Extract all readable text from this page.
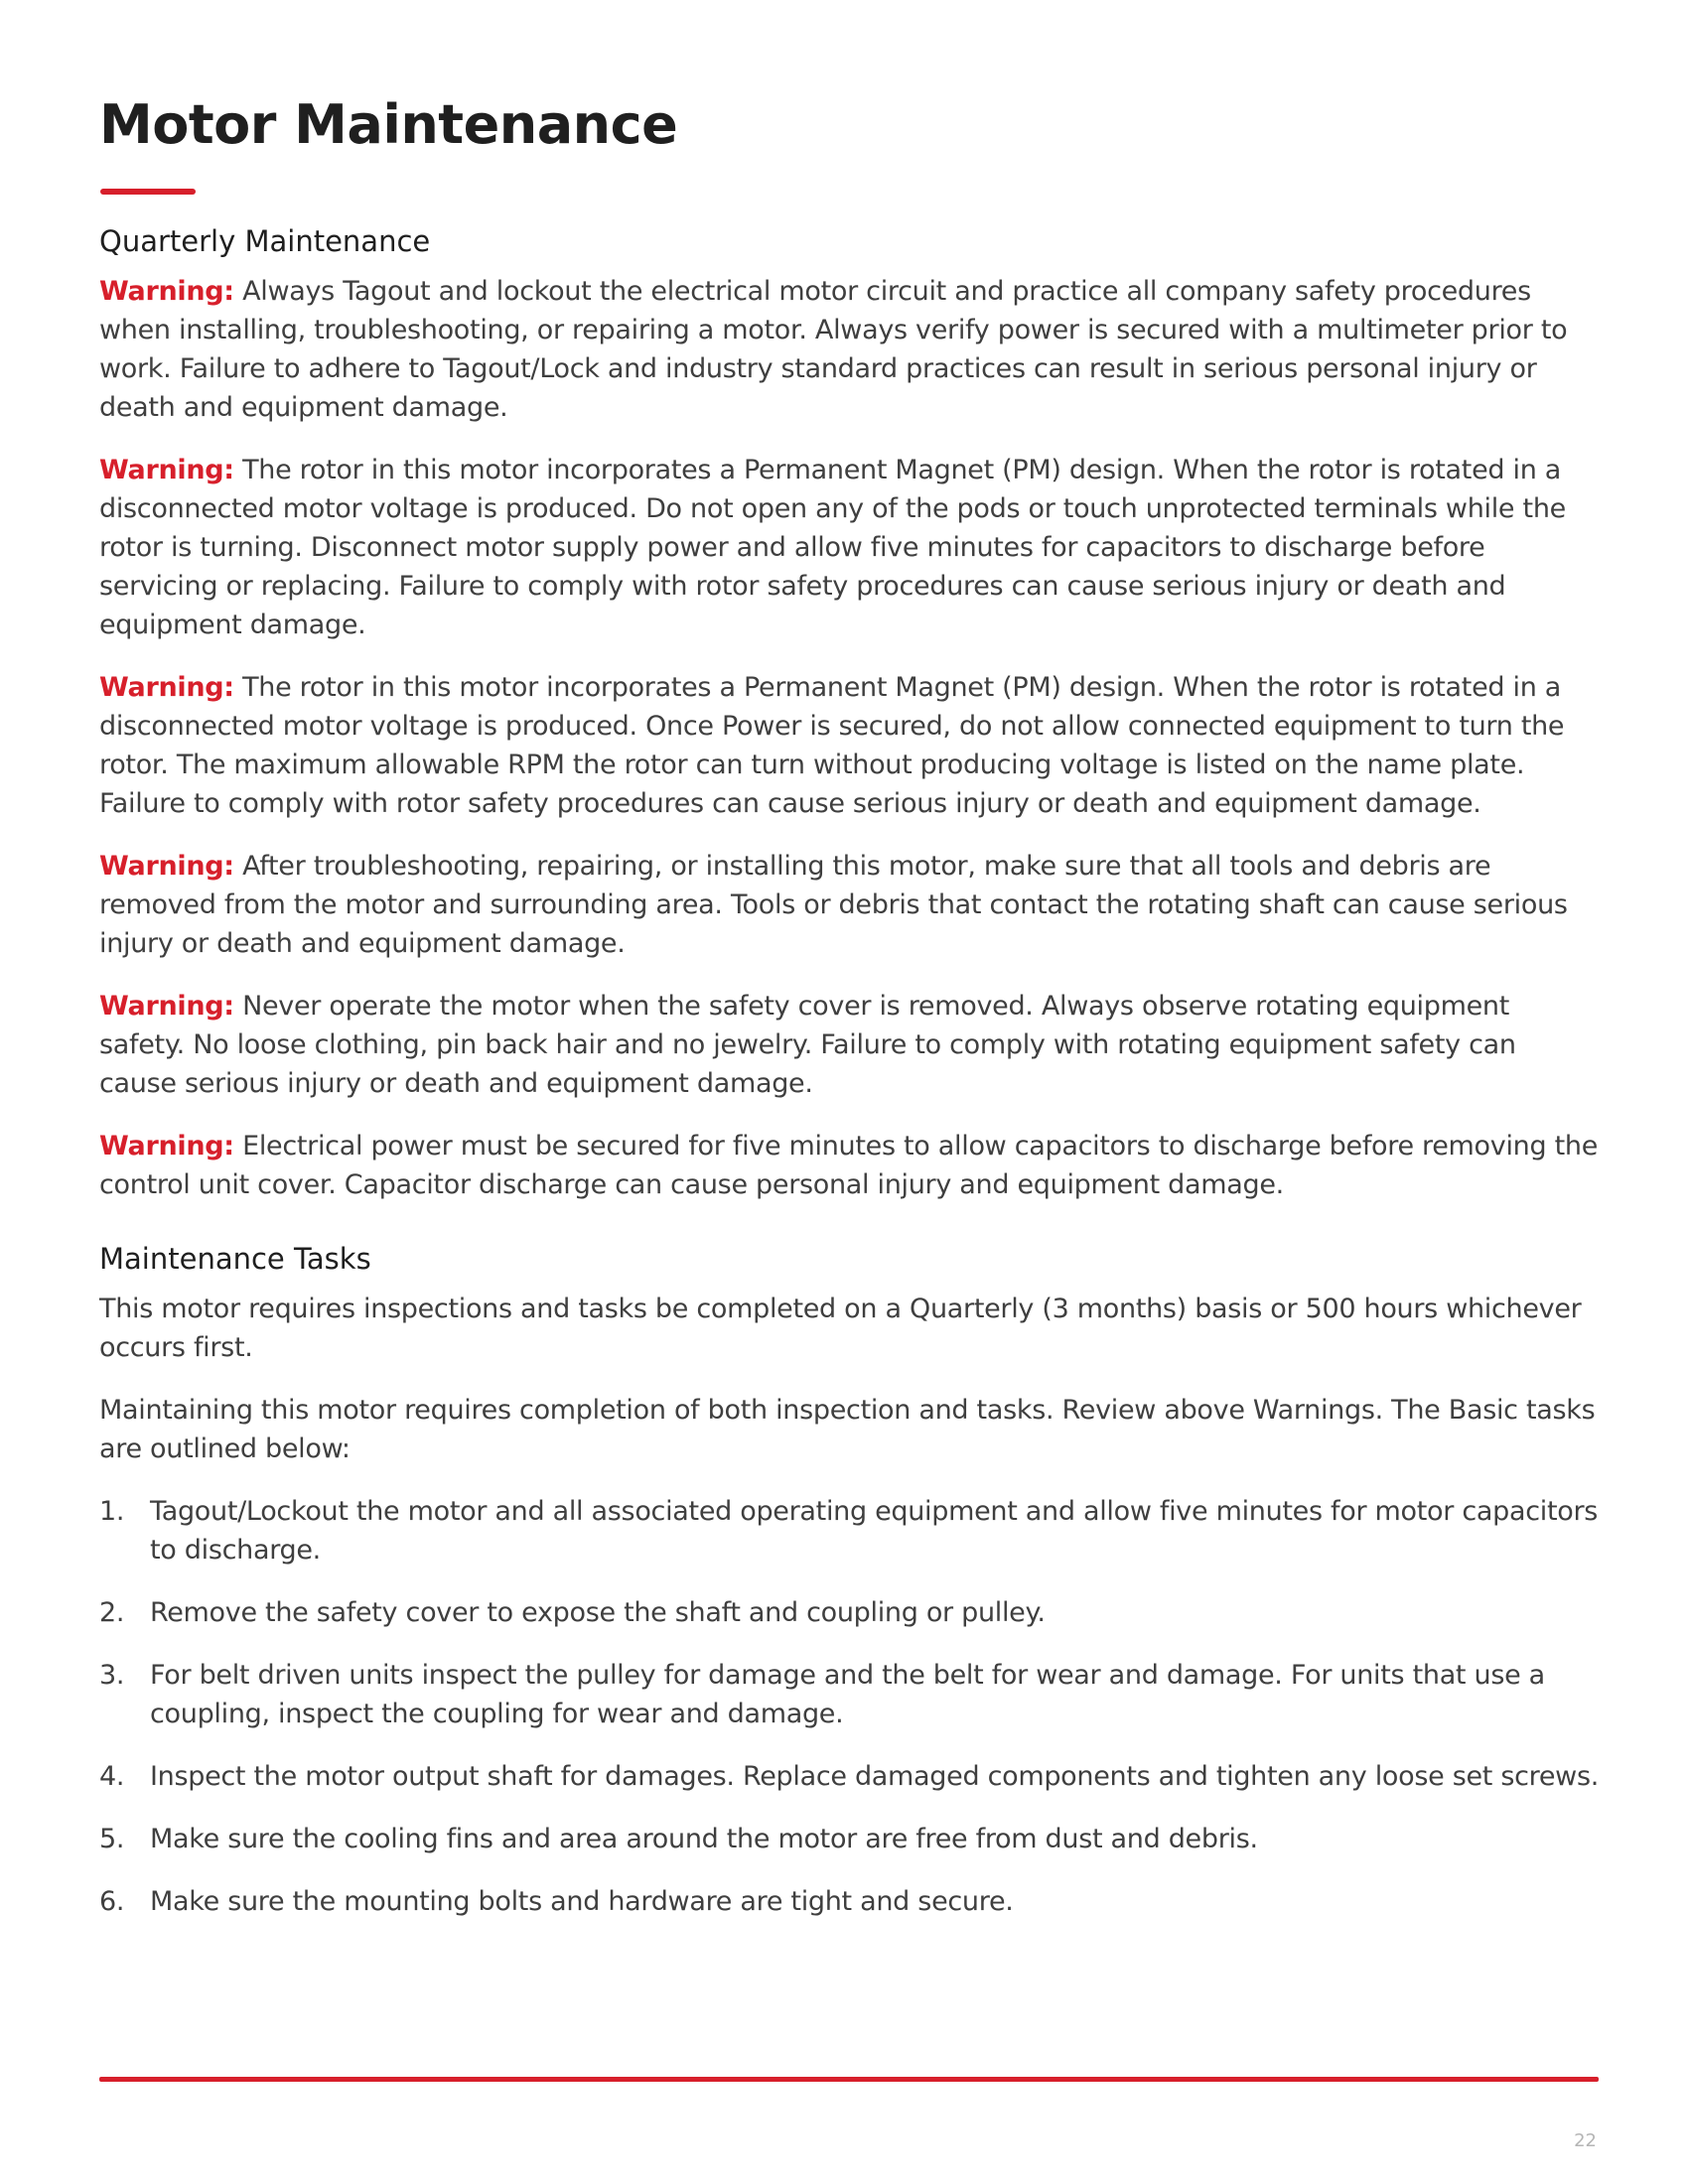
Motor Maintenance
Quarterly Maintenance

Warning: Always Tagout and lockout the electrical motor circuit and practice all company safety procedures when installing, troubleshooting, or repairing a motor. Always verify power is secured with a multimeter prior to work. Failure to adhere to Tagout/Lock and industry standard practices can result in serious personal injury or death and equipment damage.

Warning: The rotor in this motor incorporates a Permanent Magnet (PM) design. When the rotor is rotated in a disconnected motor voltage is produced. Do not open any of the pods or touch unprotected terminals while the rotor is turning. Disconnect motor supply power and allow five minutes for capacitors to discharge before servicing or replacing. Failure to comply with rotor safety procedures can cause serious injury or death and equipment damage.

Warning: The rotor in this motor incorporates a Permanent Magnet (PM) design. When the rotor is rotated in a disconnected motor voltage is produced. Once Power is secured, do not allow connected equipment to turn the rotor. The maximum allowable RPM the rotor can turn without producing voltage is listed on the name plate. Failure to comply with rotor safety procedures can cause serious injury or death and equipment damage.

Warning: After troubleshooting, repairing, or installing this motor, make sure that all tools and debris are removed from the motor and surrounding area. Tools or debris that contact the rotating shaft can cause serious injury or death and equipment damage.

Warning: Never operate the motor when the safety cover is removed. Always observe rotating equipment safety. No loose clothing, pin back hair and no jewelry. Failure to comply with rotating equipment safety can cause serious injury or death and equipment damage.

Warning: Electrical power must be secured for five minutes to allow capacitors to discharge before removing the control unit cover. Capacitor discharge can cause personal injury and equipment damage.

Maintenance Tasks

This motor requires inspections and tasks be completed on a Quarterly (3 months) basis or 500 hours whichever occurs first.

Maintaining this motor requires completion of both inspection and tasks. Review above Warnings. The Basic tasks are outlined below:

1. Tagout/Lockout the motor and all associated operating equipment and allow five minutes for motor capacitors to discharge.
2. Remove the safety cover to expose the shaft and coupling or pulley.
3. For belt driven units inspect the pulley for damage and the belt for wear and damage. For units that use a coupling, inspect the coupling for wear and damage.
4. Inspect the motor output shaft for damages. Replace damaged components and tighten any loose set screws.
5. Make sure the cooling fins and area around the motor are free from dust and debris.
6. Make sure the mounting bolts and hardware are tight and secure.
22
